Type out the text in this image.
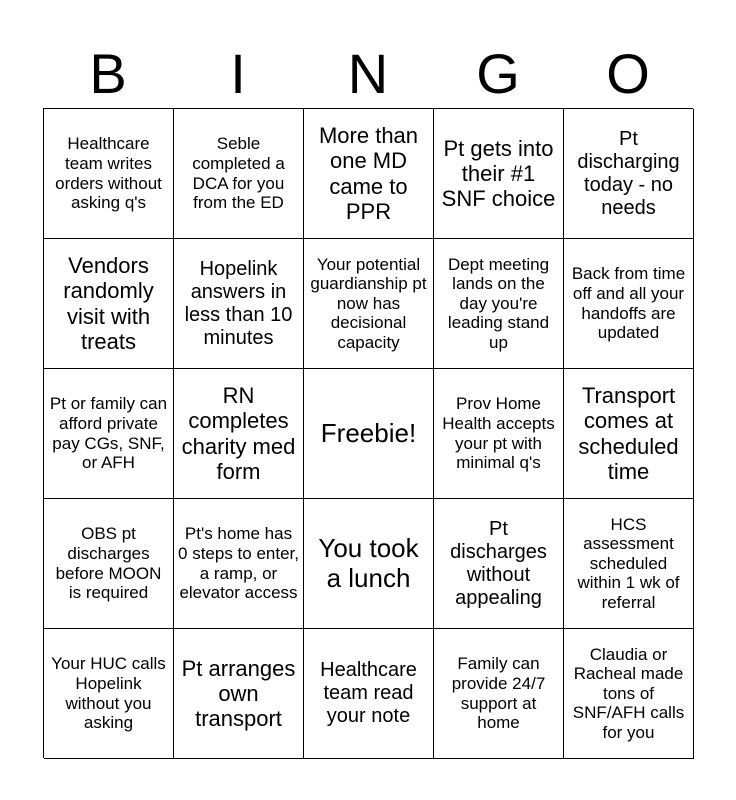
B	I	N	G	O
Healthcare team writes orders without asking q's
Seble completed a DCA for you from the ED
More than one MD came to PPR
Pt gets into their #1 SNF choice
Pt discharging today - no needs
Vendors randomly visit with treats
Hopelink answers in less than 10 minutes
Your potential guardianship pt now has decisional capacity
Dept meeting lands on the day you're leading stand up
Back from time off and all your handoffs are updated
Pt or family can afford private pay CGs, SNF, or AFH
RN completes charity med form
Freebie!
Prov Home Health accepts your pt with minimal q's
Transport comes at scheduled time
OBS pt discharges before MOON is required
Pt's home has 0 steps to enter, a ramp, or elevator access
You took a lunch
Pt discharges without appealing
HCS assessment scheduled within 1 wk of referral
Your HUC calls Hopelink without you asking
Pt arranges own transport
Healthcare team read your note
Family can provide 24/7 support at home
Claudia or Racheal made tons of SNF/AFH calls for you
